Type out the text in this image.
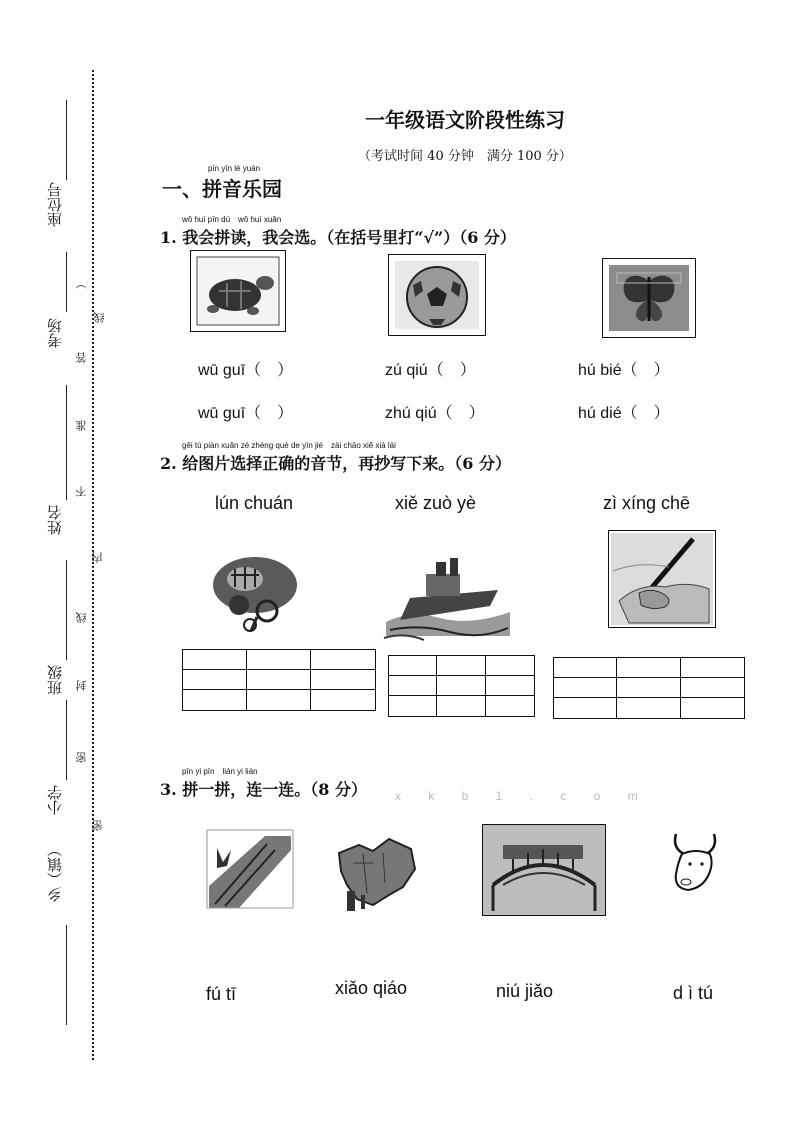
座位号
考场
姓名
班级
小学
乡（镇）
）
线
答
准
不
内
线
封
密
密
一年级语文阶段性练习
（考试时间 40 分钟　满分 100 分）
pīn yīn lè yuán
一、拼音乐园
wǒ huì pīn dú　wǒ huì xuǎn
1. 我会拼读，我会选。（在括号里打“√”）（6 分）
wū guī（　）	zú qiú（　）	hú bié（　）
wū guī（　）	zhú qiú（　）	hú dié（　）
gěi tú piàn xuǎn zé zhèng què de yīn jié　zài chāo xiě xià lái
2. 给图片选择正确的音节，再抄写下来。（6 分）
lún chuán	xiě zuò yè	zì xíng chē
pīn yi pīn　lián yi lián
3. 拼一拼，连一连。（8 分） x k b 1 . c o m
fú tī	xiǎo qiáo	niú jiǎo	d ì tú
